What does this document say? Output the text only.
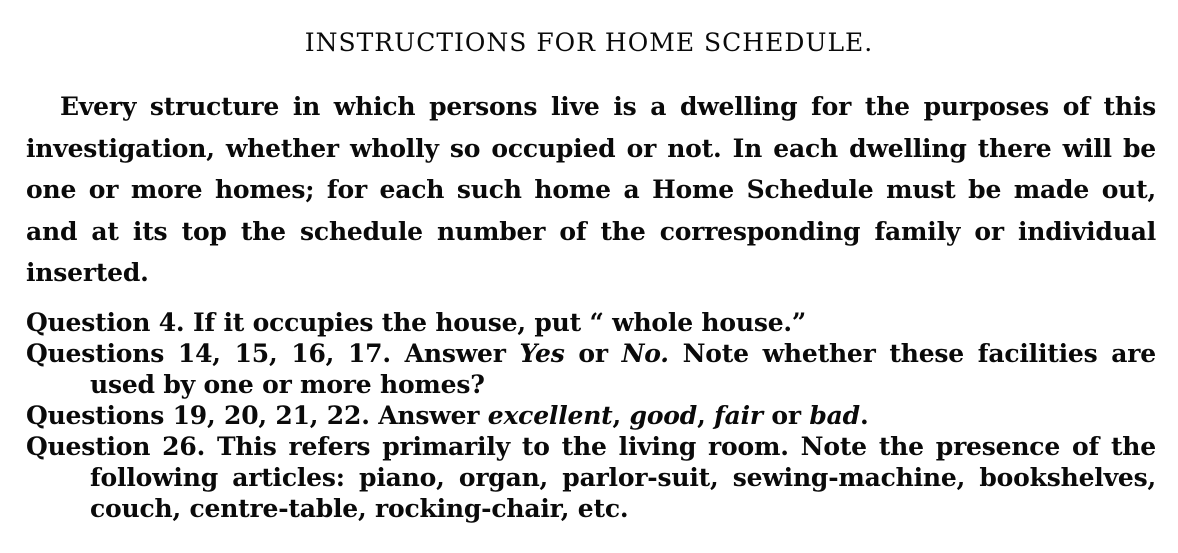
INSTRUCTIONS FOR HOME SCHEDULE.

Every structure in which persons live is a dwelling for the purposes of this investigation, whether wholly so occupied or not. In each dwelling there will be one or more homes; for each such home a Home Schedule must be made out, and at its top the schedule number of the corresponding family or individual inserted.

Question 4. If it occupies the house, put “ whole house.”
Questions 14, 15, 16, 17. Answer Yes or No. Note whether these facilities are used by one or more homes?
Questions 19, 20, 21, 22. Answer excellent, good, fair or bad.
Question 26. This refers primarily to the living room. Note the presence of the following articles: piano, organ, parlor-suit, sewing-machine, bookshelves, couch, centre-table, rocking-chair, etc.
